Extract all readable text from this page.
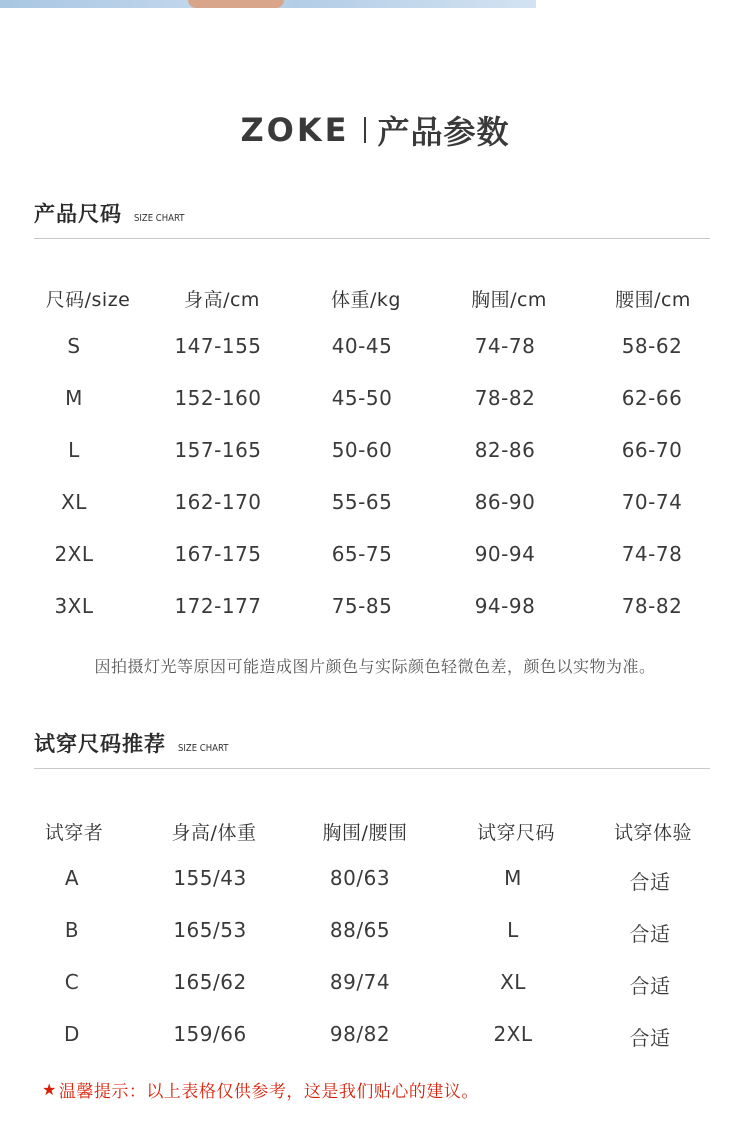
ZOKE 产品参数
产品尺码 SIZE CHART
尺码/size	身高/cm	体重/kg	胸围/cm	腰围/cm
S	147-155	40-45	74-78	58-62
M	152-160	45-50	78-82	62-66
L	157-165	50-60	82-86	66-70
XL	162-170	55-65	86-90	70-74
2XL	167-175	65-75	90-94	74-78
3XL	172-177	75-85	94-98	78-82
因拍摄灯光等原因可能造成图片颜色与实际颜色轻微色差，颜色以实物为准。
试穿尺码推荐 SIZE CHART
试穿者	身高/体重	胸围/腰围	试穿尺码	试穿体验
A	155/43	80/63	M	合适
B	165/53	88/65	L	合适
C	165/62	89/74	XL	合适
D	159/66	98/82	2XL	合适
★ 温馨提示：以上表格仅供参考，这是我们贴心的建议。
